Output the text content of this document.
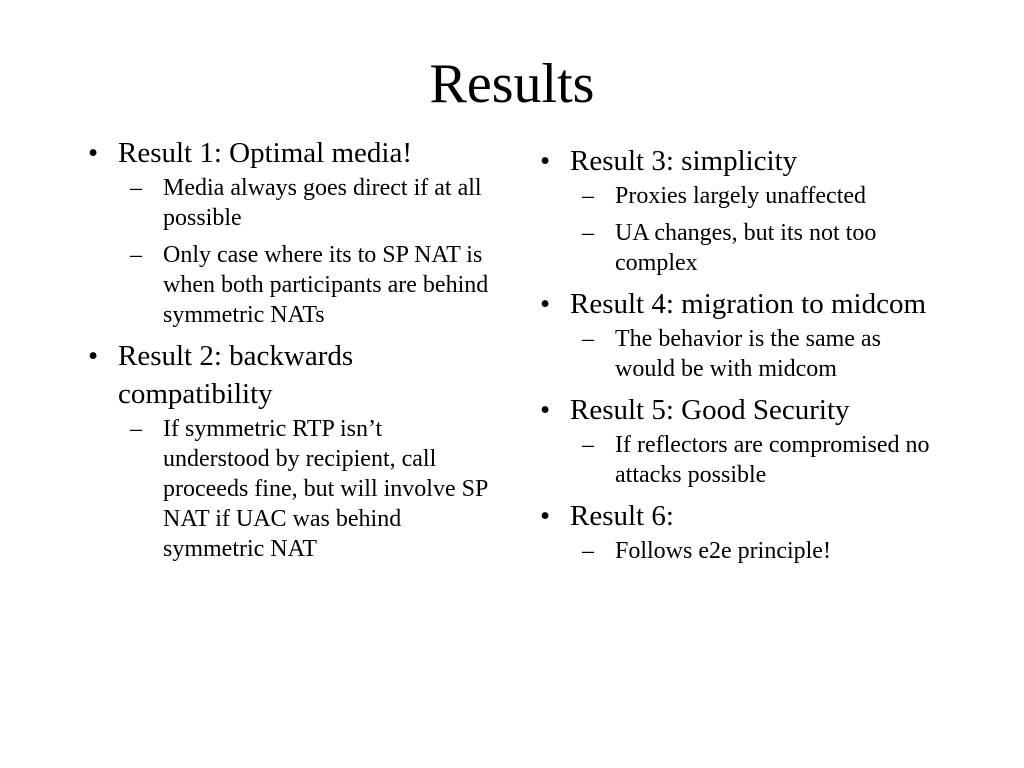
Results
• Result 1: Optimal media!
– Media always goes direct if at all possible
– Only case where its to SP NAT is when both participants are behind symmetric NATs
• Result 2: backwards compatibility
– If symmetric RTP isn’t understood by recipient, call proceeds fine, but will involve SP NAT if UAC was behind symmetric NAT
• Result 3: simplicity
– Proxies largely unaffected
– UA changes, but its not too complex
• Result 4: migration to midcom
– The behavior is the same as would be with midcom
• Result 5: Good Security
– If reflectors are compromised no attacks possible
• Result 6:
– Follows e2e principle!
